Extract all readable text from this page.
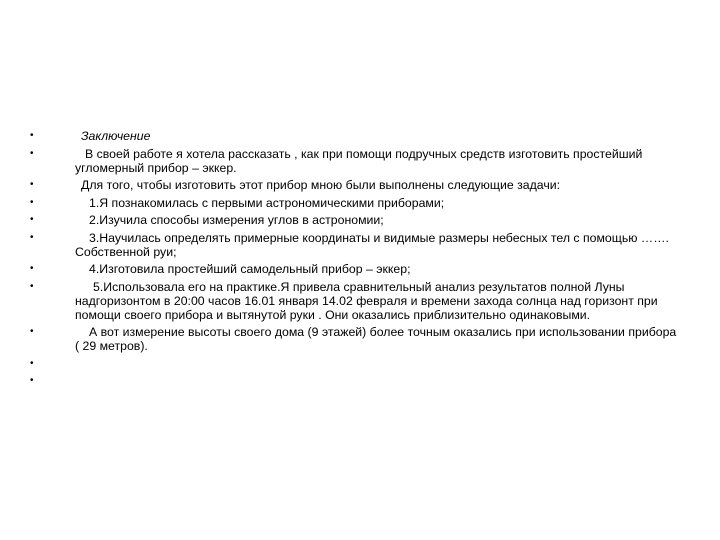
•	Заключение
•	В своей работе я хотела рассказать , как при помощи подручных средств изготовить простейший угломерный прибор – эккер.
•	Для того, чтобы изготовить этот прибор мною были выполнены следующие задачи:
•	1.Я познакомилась с первыми астрономическими приборами;
•	2.Изучила способы измерения углов в астрономии;
•	3.Научилась определять примерные координаты и видимые размеры небесных тел с помощью ……. Собственной руи;
•	4.Изготовила простейший самодельный прибор – эккер;
•	5.Использовала его на практике.Я привела сравнительный анализ результатов полной Луны надгоризонтом в 20:00 часов 16.01 января 14.02 февраля и времени захода солнца над горизонт при помощи своего прибора и вытянутой руки . Они оказались приблизительно одинаковыми.
•	А вот измерение высоты своего дома (9 этажей) более точным оказались при использовании прибора ( 29 метров).
•
•
